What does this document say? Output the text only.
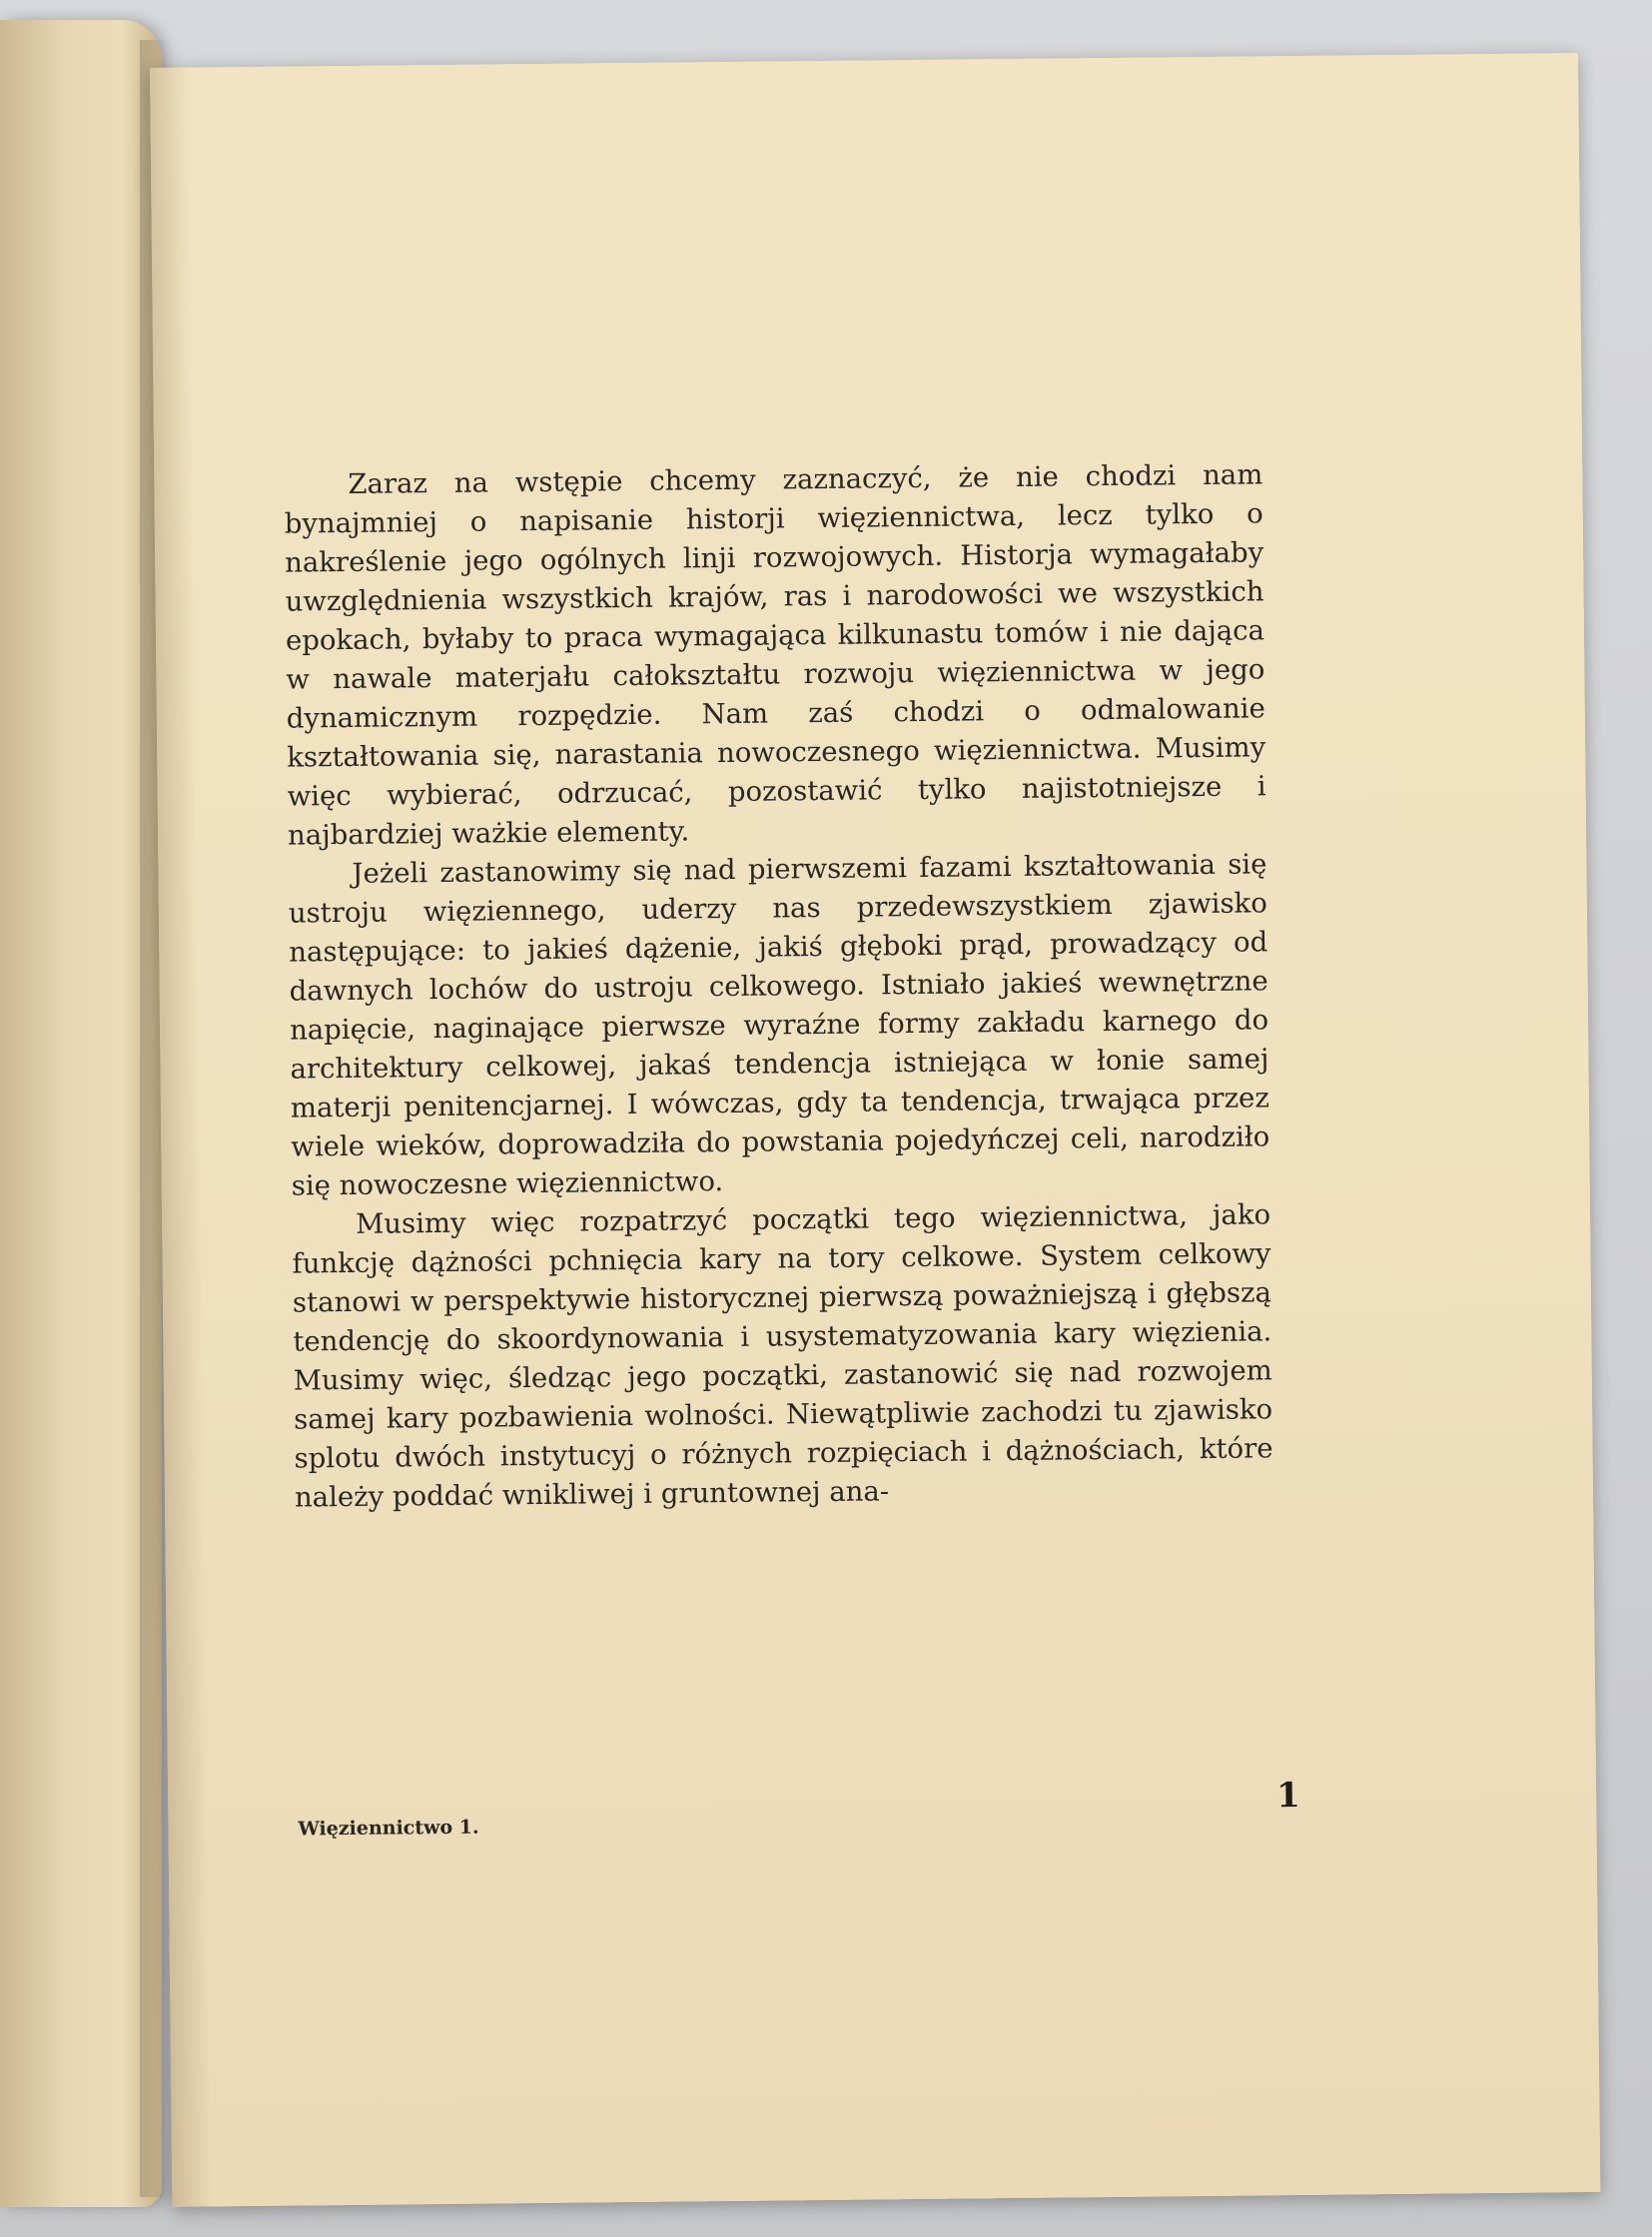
Zaraz na wstępie chcemy zaznaczyć, że nie chodzi nam bynajmniej o napisanie historji więziennictwa, lecz tylko o nakreślenie jego ogólnych linji rozwojowych. Historja wymagałaby uwzględnienia wszystkich krajów, ras i narodowości we wszystkich epokach, byłaby to praca wymagająca kilkunastu tomów i nie dająca w nawale materjału całokształtu rozwoju więziennictwa w jego dynamicznym rozpędzie. Nam zaś chodzi o odmalowanie kształtowania się, narastania nowoczesnego więziennictwa. Musimy więc wybierać, odrzucać, pozostawić tylko najistotniejsze i najbardziej ważkie elementy.

Jeżeli zastanowimy się nad pierwszemi fazami kształtowania się ustroju więziennego, uderzy nas przedewszystkiem zjawisko następujące: to jakieś dążenie, jakiś głęboki prąd, prowadzący od dawnych lochów do ustroju celkowego. Istniało jakieś wewnętrzne napięcie, naginające pierwsze wyraźne formy zakładu karnego do architektury celkowej, jakaś tendencja istniejąca w łonie samej materji penitencjarnej. I wówczas, gdy ta tendencja, trwająca przez wiele wieków, doprowadziła do powstania pojedyńczej celi, narodziło się nowoczesne więziennictwo.

Musimy więc rozpatrzyć początki tego więziennictwa, jako funkcję dążności pchnięcia kary na tory celkowe. System celkowy stanowi w perspektywie historycznej pierwszą poważniejszą i głębszą tendencję do skoordynowania i usystematyzowania kary więzienia. Musimy więc, śledząc jego początki, zastanowić się nad rozwojem samej kary pozbawienia wolności. Niewątpliwie zachodzi tu zjawisko splotu dwóch instytucyj o różnych rozpięciach i dążnościach, które należy poddać wnikliwej i gruntownej ana-

1
Więziennictwo 1.
